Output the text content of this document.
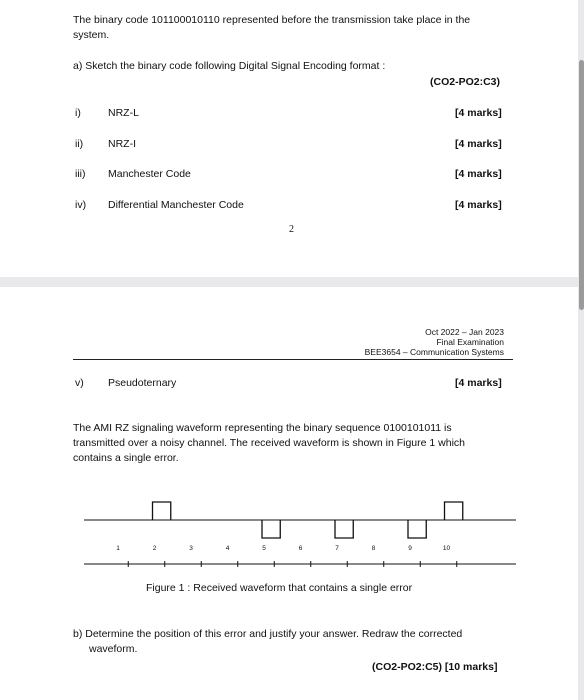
The binary code 101100010110 represented before the transmission take place in the
system.
a) Sketch the binary code following Digital Signal Encoding format :
(CO2-PO2:C3)
i)	NRZ-L	[4 marks]
ii) NRZ-I	[4 marks]
iii) Manchester Code	[4 marks]
iv) Differential Manchester Code	[4 marks]
2
Oct 2022 – Jan 2023
Final Examination
BEE3654 – Communication Systems
v) Pseudoternary	[4 marks]
The AMI RZ signaling waveform representing the binary sequence 0100101011 is
transmitted over a noisy channel. The received waveform is shown in Figure 1 which
contains a single error.
1	2	3	4	5	6	7	8	9	10
Figure 1 : Received waveform that contains a single error
b) Determine the position of this error and justify your answer. Redraw the corrected
waveform.
(CO2-PO2:C5) [10 marks]
